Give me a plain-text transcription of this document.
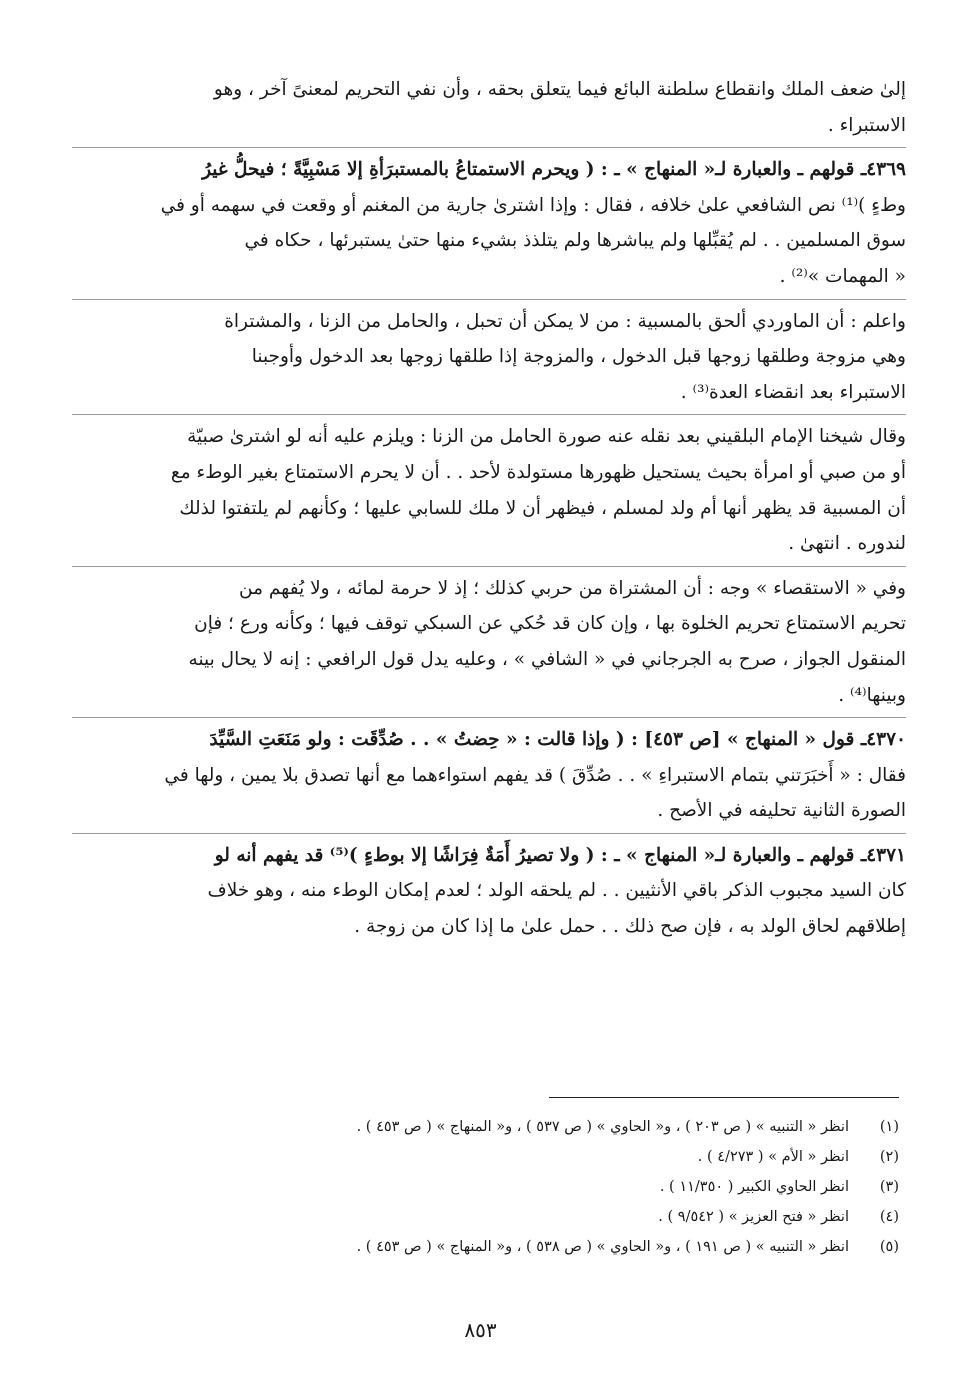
إلىٰ ضعف الملك وانقطاع سلطنة البائع فيما يتعلق بحقه ، وأن نفي التحريم لمعنىً آخر ، وهو
الاستبراء .

٤٣٦٩ـ قولهم ـ والعبارة لـ« المنهاج » ـ : ( ويحرم الاستمتاعُ بالمستبرَأةِ إلا مَسْبِيَّةً ؛ فيحلُّ غيرُ
وطءٍ )⁽¹⁾ نص الشافعي علىٰ خلافه ، فقال : وإذا اشترىٰ جارية من المغنم أو وقعت في سهمه أو في
سوق المسلمين . . لم يُقبِّلها ولم يباشرها ولم يتلذذ بشيء منها حتىٰ يستبرئها ، حكاه في
« المهمات »⁽²⁾ .

واعلم : أن الماوردي ألحق بالمسبية : من لا يمكن أن تحبل ، والحامل من الزنا ، والمشتراة
وهي مزوجة وطلقها زوجها قبل الدخول ، والمزوجة إذا طلقها زوجها بعد الدخول وأوجبنا
الاستبراء بعد انقضاء العدة⁽³⁾ .

وقال شيخنا الإمام البلقيني بعد نقله عنه صورة الحامل من الزنا : ويلزم عليه أنه لو اشترىٰ صبيّة
أو من صبي أو امرأة بحيث يستحيل ظهورها مستولدة لأحد . . أن لا يحرم الاستمتاع بغير الوطء مع
أن المسبية قد يظهر أنها أم ولد لمسلم ، فيظهر أن لا ملك للسابي عليها ؛ وكأنهم لم يلتفتوا لذلك
لندوره . انتهىٰ .

وفي « الاستقصاء » وجه : أن المشتراة من حربي كذلك ؛ إذ لا حرمة لمائه ، ولا يُفهم من
تحريم الاستمتاع تحريم الخلوة بها ، وإن كان قد حُكي عن السبكي توقف فيها ؛ وكأنه ورع ؛ فإن
المنقول الجواز ، صرح به الجرجاني في « الشافي » ، وعليه يدل قول الرافعي : إنه لا يحال بينه
وبينها⁽⁴⁾ .

٤٣٧٠ـ قول « المنهاج » [ص ٤٥٣] : ( وإذا قالت : « حِضتُ » . . صُدِّقَت : ولو مَنَعَتِ السَّيِّدَ
فقال : « أَخبَرَتني بتمام الاستبراءِ » . . صُدِّقَ ) قد يفهم استواءهما مع أنها تصدق بلا يمين ، ولها في
الصورة الثانية تحليفه في الأصح .

٤٣٧١ـ قولهم ـ والعبارة لـ« المنهاج » ـ : ( ولا تصيرُ أَمَةٌ فِرَاشًا إلا بوطءٍ )⁽⁵⁾ قد يفهم أنه لو
كان السيد مجبوب الذكر باقي الأنثيين . . لم يلحقه الولد ؛ لعدم إمكان الوطء منه ، وهو خلاف
إطلاقهم لحاق الولد به ، فإن صح ذلك . . حمل علىٰ ما إذا كان من زوجة .

(١)
انظر « التنبيه » ( ص ٢٠٣ ) ، و« الحاوي » ( ص ٥٣٧ ) ، و« المنهاج » ( ص ٤٥٣ ) .
(٢)
انظر « الأم » ( ٤/٢٧٣ ) .
(٣)
انظر الحاوي الكبير ( ١١/٣٥٠ ) .
(٤)
انظر « فتح العزيز » ( ٩/٥٤٢ ) .
(٥)
انظر « التنبيه » ( ص ١٩١ ) ، و« الحاوي » ( ص ٥٣٨ ) ، و« المنهاج » ( ص ٤٥٣ ) .
٨٥٣
